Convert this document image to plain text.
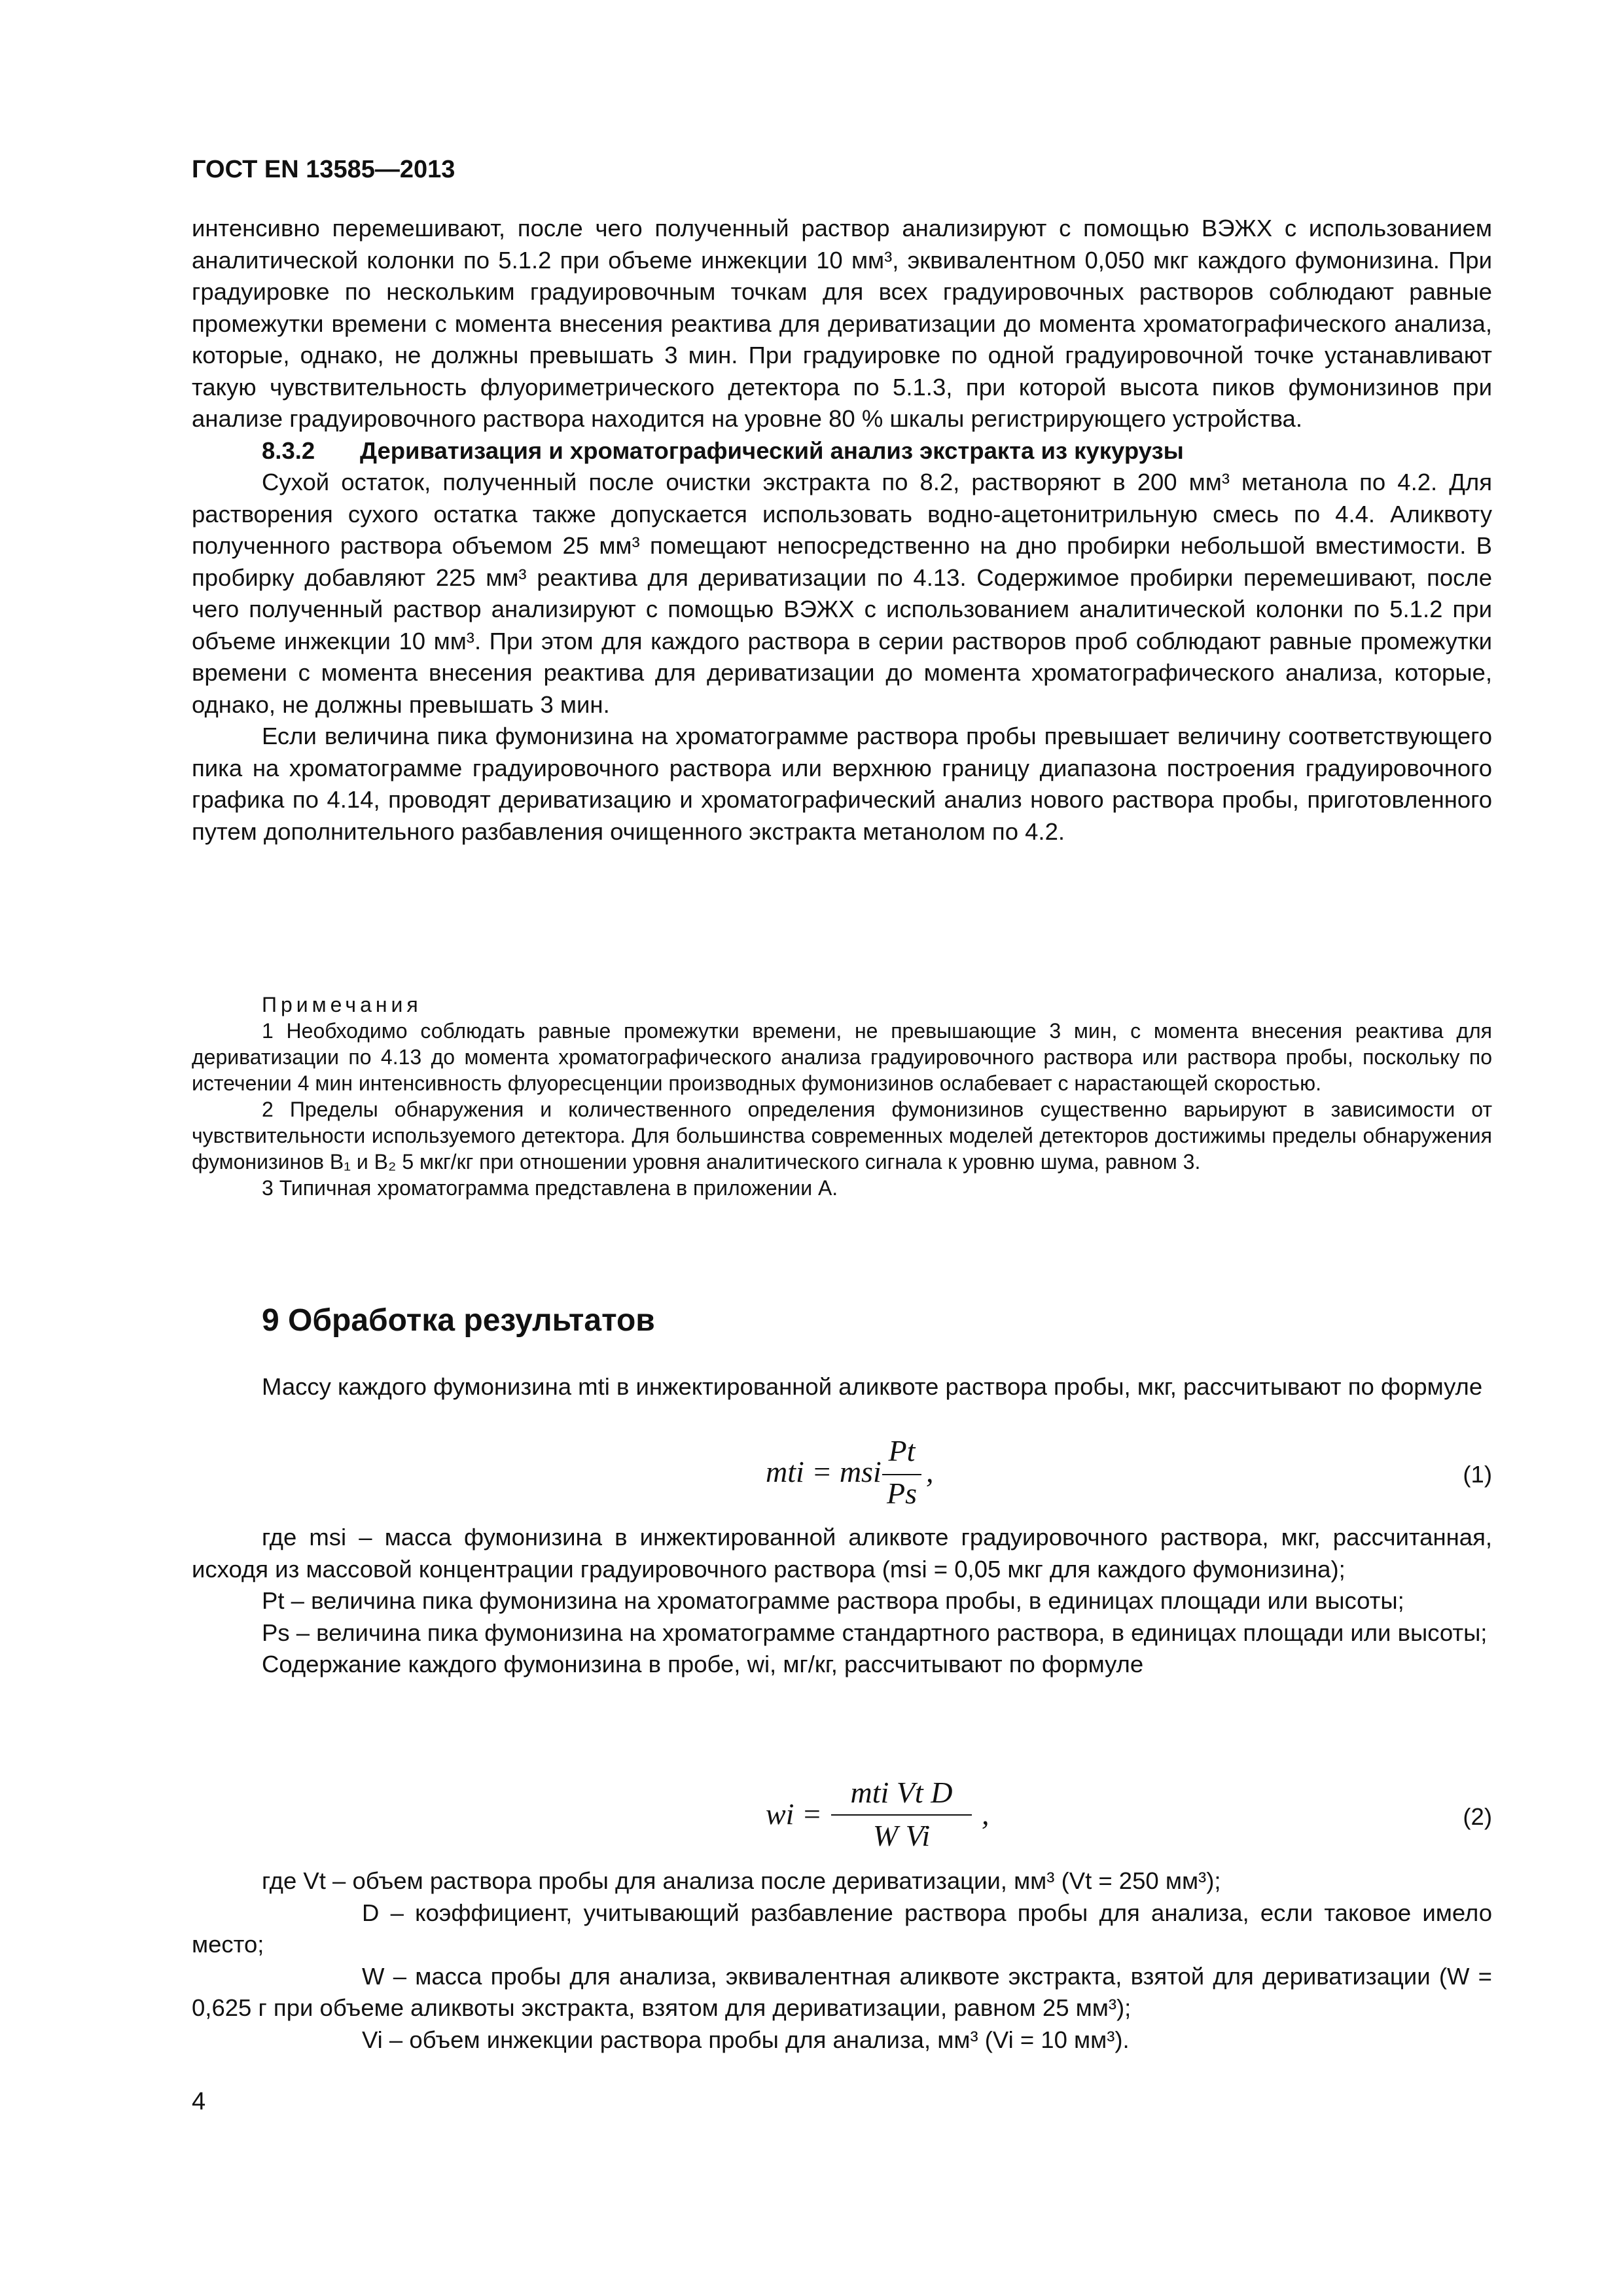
ГОСТ EN 13585—2013

интенсивно перемешивают, после чего полученный раствор анализируют с помощью ВЭЖХ с использованием аналитической колонки по 5.1.2 при объеме инжекции 10 мм³, эквивалентном 0,050 мкг каждого фумонизина. При градуировке по нескольким градуировочным точкам для всех градуировочных растворов соблюдают равные промежутки времени с момента внесения реактива для дериватизации до момента хроматографического анализа, которые, однако, не должны превышать 3 мин. При градуировке по одной градуировочной точке устанавливают такую чувствительность флуориметрического детектора по 5.1.3, при которой высота пиков фумонизинов при анализе градуировочного раствора находится на уровне 80 % шкалы регистрирующего устройства.

8.3.2 Дериватизация и хроматографический анализ экстракта из кукурузы

Сухой остаток, полученный после очистки экстракта по 8.2, растворяют в 200 мм³ метанола по 4.2. Для растворения сухого остатка также допускается использовать водно-ацетонитрильную смесь по 4.4. Аликвоту полученного раствора объемом 25 мм³ помещают непосредственно на дно пробирки небольшой вместимости. В пробирку добавляют 225 мм³ реактива для дериватизации по 4.13. Содержимое пробирки перемешивают, после чего полученный раствор анализируют с помощью ВЭЖХ с использованием аналитической колонки по 5.1.2 при объеме инжекции 10 мм³. При этом для каждого раствора в серии растворов проб соблюдают равные промежутки времени с момента внесения реактива для дериватизации до момента хроматографического анализа, которые, однако, не должны превышать 3 мин.

Если величина пика фумонизина на хроматограмме раствора пробы превышает величину соответствующего пика на хроматограмме градуировочного раствора или верхнюю границу диапазона построения градуировочного графика по 4.14, проводят дериватизацию и хроматографический анализ нового раствора пробы, приготовленного путем дополнительного разбавления очищенного экстракта метанолом по 4.2.

Примечания

1 Необходимо соблюдать равные промежутки времени, не превышающие 3 мин, с момента внесения реактива для дериватизации по 4.13 до момента хроматографического анализа градуировочного раствора или раствора пробы, поскольку по истечении 4 мин интенсивность флуоресценции производных фумонизинов ослабевает с нарастающей скоростью.

2 Пределы обнаружения и количественного определения фумонизинов существенно варьируют в зависимости от чувствительности используемого детектора. Для большинства современных моделей детекторов достижимы пределы обнаружения фумонизинов B₁ и B₂ 5 мкг/кг при отношении уровня аналитического сигнала к уровню шума, равном 3.

3 Типичная хроматограмма представлена в приложении А.

9 Обработка результатов

Массу каждого фумонизина mti в инжектированной аликвоте раствора пробы, мкг, рассчитывают по формуле

mti = msi
Pt
Ps
,	(1)

где msi – масса фумонизина в инжектированной аликвоте градуировочного раствора, мкг, рассчитанная, исходя из массовой концентрации градуировочного раствора (msi = 0,05 мкг для каждого фумонизина);

Pt – величина пика фумонизина на хроматограмме раствора пробы, в единицах площади или высоты;

Ps – величина пика фумонизина на хроматограмме стандартного раствора, в единицах площади или высоты;

Содержание каждого фумонизина в пробе, wi, мг/кг, рассчитывают по формуле

wi =
mti Vt D
W Vi
,	(2)

где Vt – объем раствора пробы для анализа после дериватизации, мм³ (Vt = 250 мм³);

D – коэффициент, учитывающий разбавление раствора пробы для анализа, если таковое имело место;

W – масса пробы для анализа, эквивалентная аликвоте экстракта, взятой для дериватизации (W = 0,625 г при объеме аликвоты экстракта, взятом для дериватизации, равном 25 мм³);

Vi – объем инжекции раствора пробы для анализа, мм³ (Vi = 10 мм³).

4
